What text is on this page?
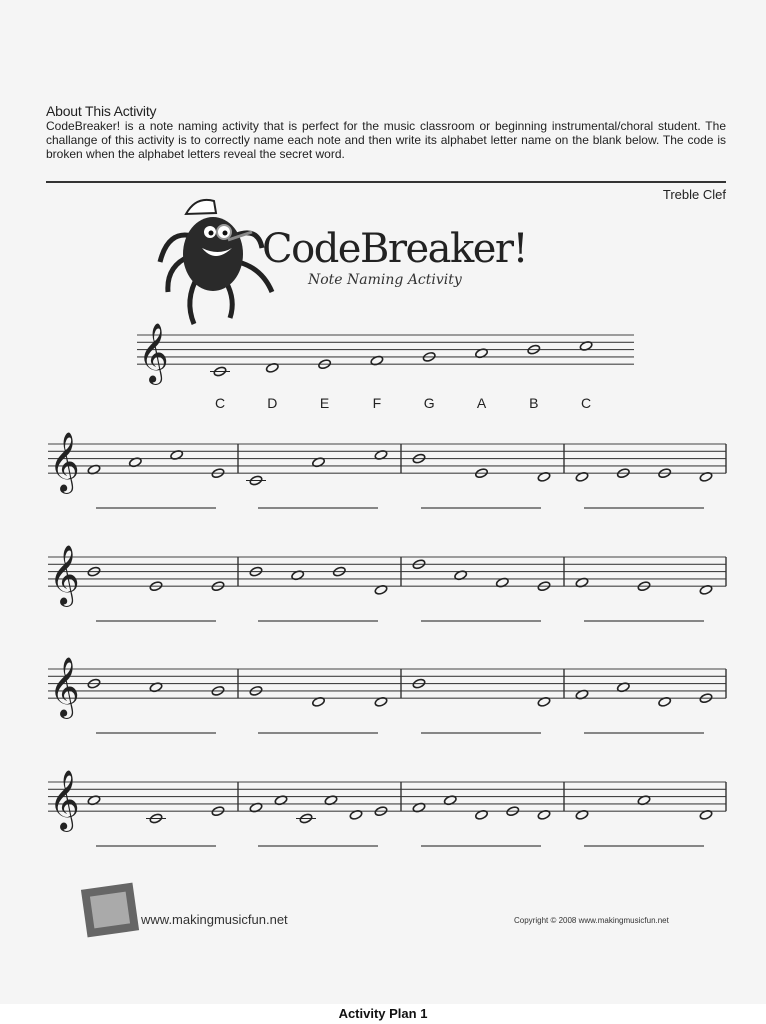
About This Activity
CodeBreaker! is a note naming activity that is perfect for the music classroom or beginning instrumental/choral student. The challange of this activity is to correctly name each note and then write its alphabet letter name on the blank below. The code is broken when the alphabet letters reveal the secret word.
Treble Clef
CodeBreaker!
Note Naming Activity
𝄞
C	D	E	F	G	A	B	C
𝄞
𝄞
𝄞
𝄞
www.makingmusicfun.net	Copyright © 2008 www.makingmusicfun.net
Activity Plan 1
